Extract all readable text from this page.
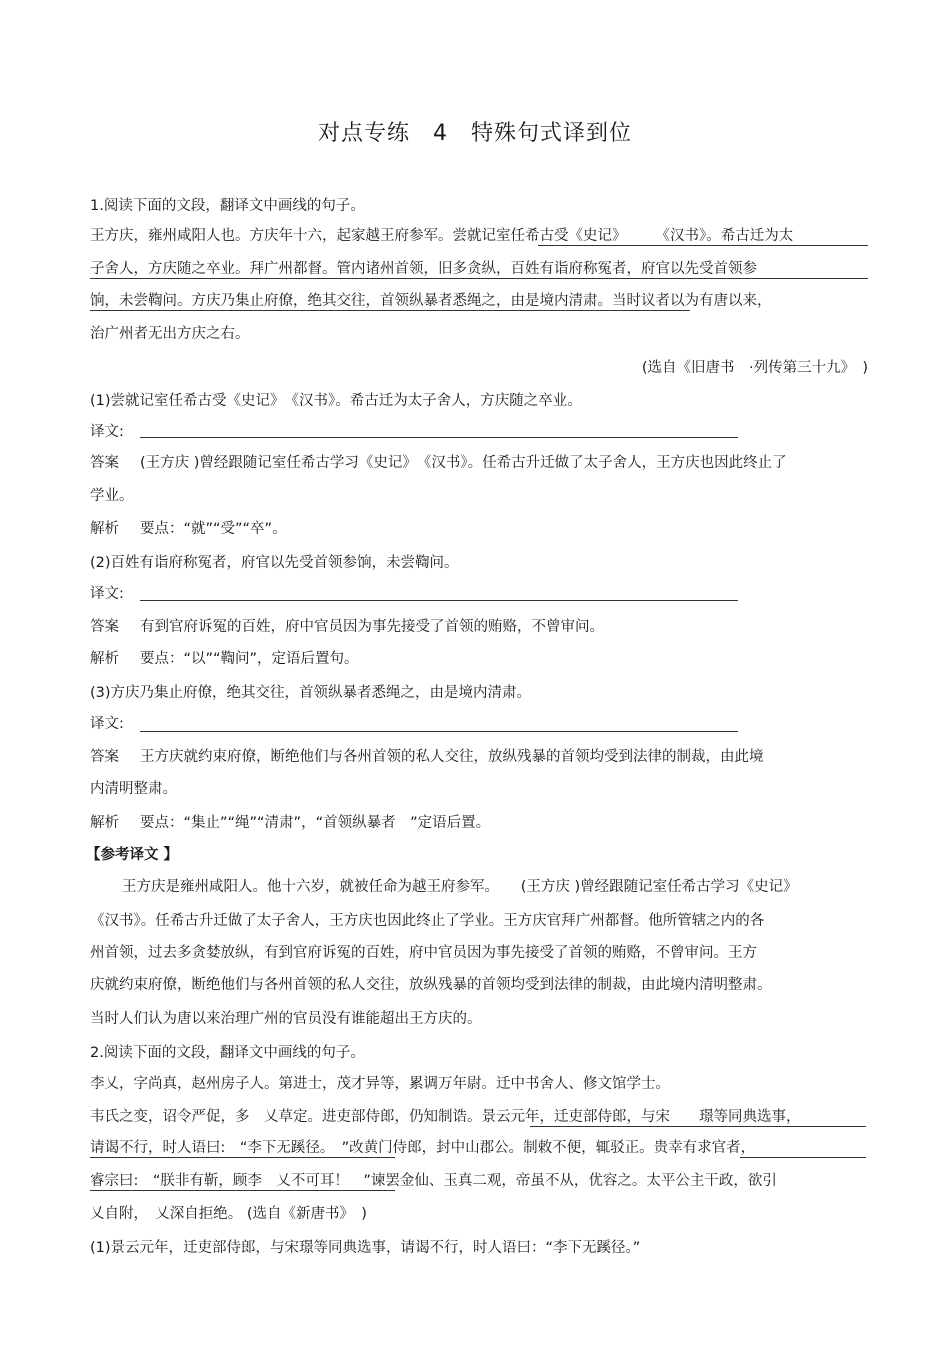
对点专练　4　特殊句式译到位
1.阅读下面的文段，翻译文中画线的句子。
王方庆，雍州咸阳人也。方庆年十六，起家越王府参军。尝就记室任希古受《史记》　　　《汉书》。希古迁为太
子舍人，方庆随之卒业。拜广州都督。管内诸州首领，旧多贪纵，百姓有诣府称冤者，府官以先受首领参
饷，未尝鞫问。方庆乃集止府僚，绝其交往，首领纵暴者悉绳之，由是境内清肃。当时议者以为有唐以来，
治广州者无出方庆之右。
(选自《旧唐书　·列传第三十九》　)
(1)尝就记室任希古受《史记》　《汉书》。希古迁为太子舍人，方庆随之卒业。
译文:
答案 (王方庆 )曾经跟随记室任希古学习《史记》　《汉书》。任希古升迁做了太子舍人，王方庆也因此终止了
学业。
解析 要点：“就”“受”“卒”。
(2)百姓有诣府称冤者，府官以先受首领参饷，未尝鞫问。
译文:
答案 有到官府诉冤的百姓，府中官员因为事先接受了首领的贿赂，不曾审问。
解析 要点：“以”“鞫问”，定语后置句。
(3)方庆乃集止府僚，绝其交往，首领纵暴者悉绳之，由是境内清肃。
译文:
答案 王方庆就约束府僚，断绝他们与各州首领的私人交往，放纵残暴的首领均受到法律的制裁，由此境
内清明整肃。
解析 要点：“集止”“绳”“清肃”，“首领纵暴者　”定语后置。
【参考译文 】
王方庆是雍州咸阳人。他十六岁，就被任命为越王府参军。　　(王方庆 )曾经跟随记室任希古学习《史记》
《汉书》。任希古升迁做了太子舍人，王方庆也因此终止了学业。王方庆官拜广州都督。他所管辖之内的各
州首领，过去多贪婪放纵，有到官府诉冤的百姓，府中官员因为事先接受了首领的贿赂，不曾审问。王方
庆就约束府僚，断绝他们与各州首领的私人交往，放纵残暴的首领均受到法律的制裁，由此境内清明整肃。
当时人们认为唐以来治理广州的官员没有谁能超出王方庆的。
2.阅读下面的文段，翻译文中画线的句子。
李乂，字尚真，赵州房子人。第进士，茂才异等，累调万年尉。迁中书舍人、修文馆学士。
韦氏之变，诏令严促，多　乂草定。进吏部侍郎，仍知制诰。景云元年，迁吏部侍郎，与宋　　璟等同典选事，
请谒不行，时人语曰:　“李下无蹊径。　”改黄门侍郎，封中山郡公。制敕不便，辄驳正。贵幸有求官者，
睿宗曰:　“朕非有靳，顾李　乂不可耳！　”谏罢金仙、玉真二观，帝虽不从，优容之。太平公主干政，欲引
乂自附，　乂深自拒绝。 (选自《新唐书》　)
(1)景云元年，迁吏部侍郎，与宋璟等同典选事，请谒不行，时人语曰：“李下无蹊径。”
